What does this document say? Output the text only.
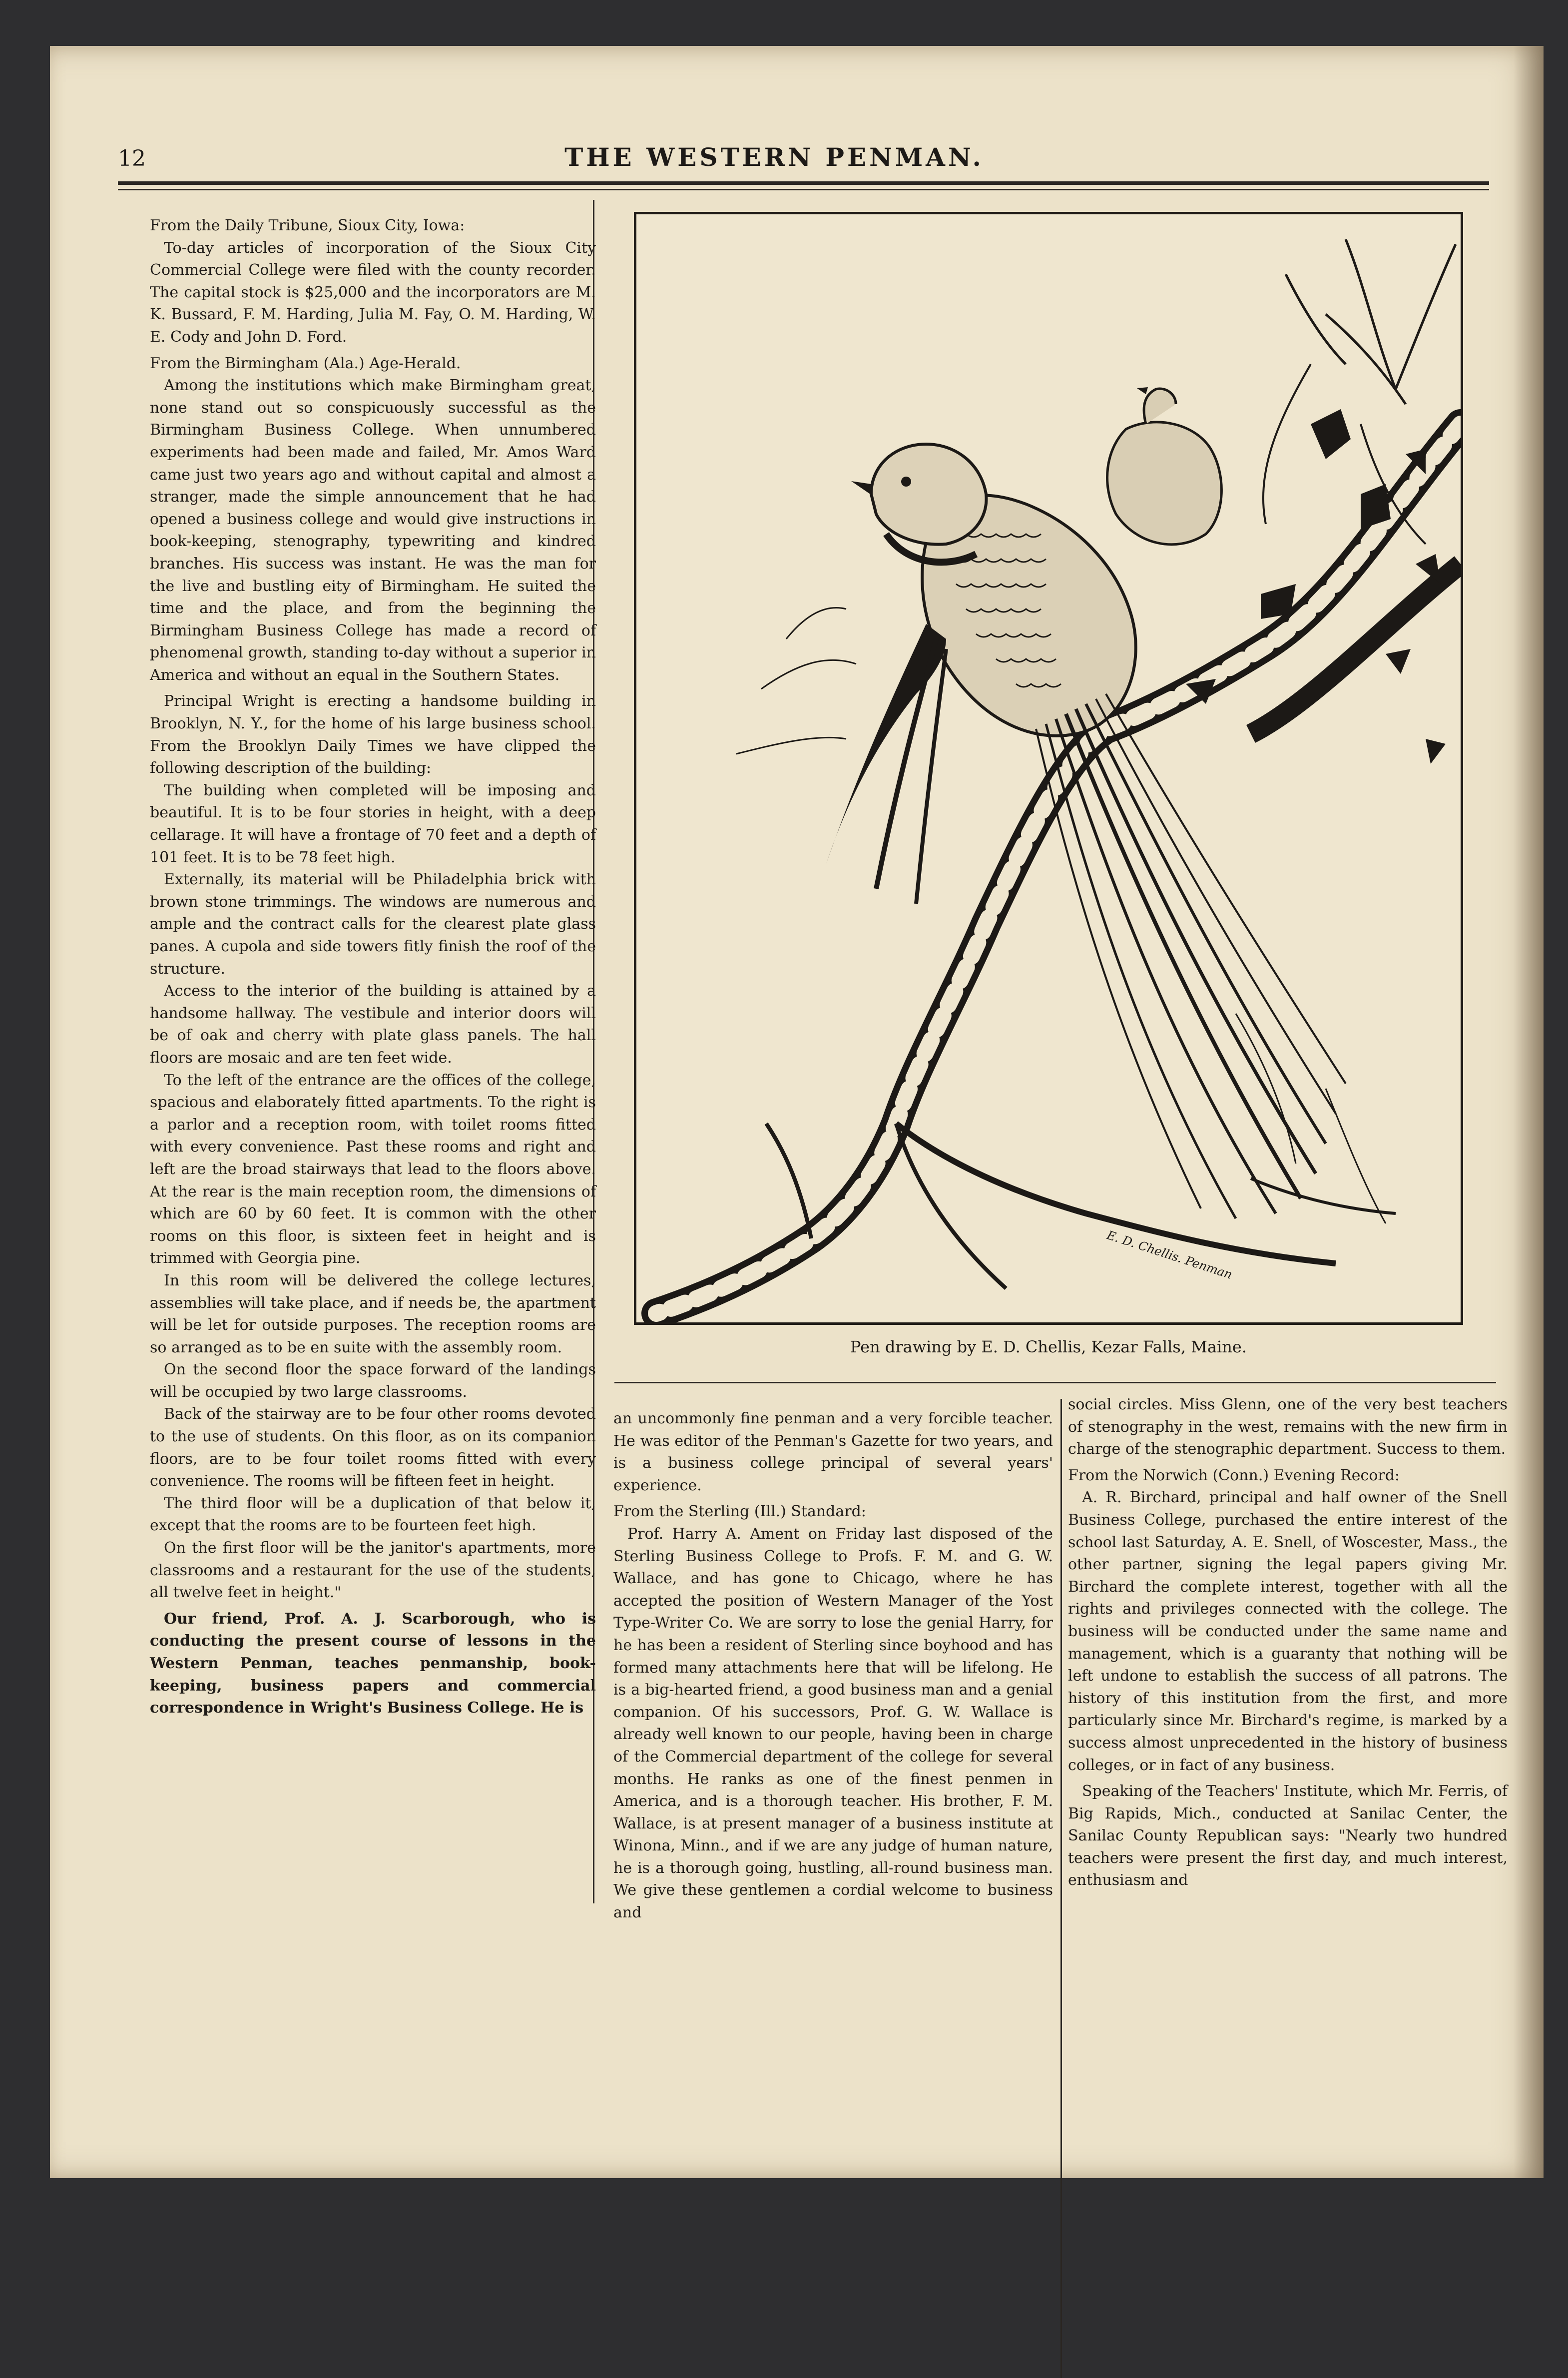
12	THE WESTERN PENMAN.

From the Daily Tribune, Sioux City, Iowa:

To-day articles of incorporation of the Sioux City Commercial College were filed with the county recorder. The capital stock is $25,000 and the incorporators are M. K. Bussard, F. M. Harding, Julia M. Fay, O. M. Harding, W. E. Cody and John D. Ford.

From the Birmingham (Ala.) Age-Herald.

Among the institutions which make Birmingham great, none stand out so conspicuously successful as the Birmingham Business College. When unnumbered experiments had been made and failed, Mr. Amos Ward came just two years ago and without capital and almost a stranger, made the simple announcement that he had opened a business college and would give instructions in book-keeping, stenography, typewriting and kindred branches. His success was instant. He was the man for the live and bustling eity of Birmingham. He suited the time and the place, and from the beginning the Birmingham Business College has made a record of phenomenal growth, standing to-day without a superior in America and without an equal in the Southern States.

Principal Wright is erecting a handsome building in Brooklyn, N. Y., for the home of his large business school. From the Brooklyn Daily Times we have clipped the following description of the building:

The building when completed will be imposing and beautiful. It is to be four stories in height, with a deep cellarage. It will have a frontage of 70 feet and a depth of 101 feet. It is to be 78 feet high.

Externally, its material will be Philadelphia brick with brown stone trimmings. The windows are numerous and ample and the contract calls for the clearest plate glass panes. A cupola and side towers fitly finish the roof of the structure.

Access to the interior of the building is attained by a handsome hallway. The vestibule and interior doors will be of oak and cherry with plate glass panels. The hall floors are mosaic and are ten feet wide.

To the left of the entrance are the offices of the college, spacious and elaborately fitted apartments. To the right is a parlor and a reception room, with toilet rooms fitted with every convenience. Past these rooms and right and left are the broad stairways that lead to the floors above. At the rear is the main reception room, the dimensions of which are 60 by 60 feet. It is common with the other rooms on this floor, is sixteen feet in height and is trimmed with Georgia pine.

In this room will be delivered the college lectures, assemblies will take place, and if needs be, the apartment will be let for outside purposes. The reception rooms are so arranged as to be en suite with the assembly room.

On the second floor the space forward of the landings will be occupied by two large classrooms.

Back of the stairway are to be four other rooms devoted to the use of students. On this floor, as on its companion floors, are to be four toilet rooms fitted with every convenience. The rooms will be fifteen feet in height.

The third floor will be a duplication of that below it, except that the rooms are to be fourteen feet high.

On the first floor will be the janitor's apartments, more classrooms and a restaurant for the use of the students, all twelve feet in height."

Our friend, Prof. A. J. Scarborough, who is conducting the present course of lessons in the Western Penman, teaches penmanship, book-keeping, business papers and commercial correspondence in Wright's Business College. He is

E. D. Chellis. Penman
Pen drawing by E. D. Chellis, Kezar Falls, Maine.

an uncommonly fine penman and a very forcible teacher. He was editor of the Penman's Gazette for two years, and is a business college principal of several years' experience.

From the Sterling (Ill.) Standard:

Prof. Harry A. Ament on Friday last disposed of the Sterling Business College to Profs. F. M. and G. W. Wallace, and has gone to Chicago, where he has accepted the position of Western Manager of the Yost Type-Writer Co. We are sorry to lose the genial Harry, for he has been a resident of Sterling since boyhood and has formed many attachments here that will be lifelong. He is a big-hearted friend, a good business man and a genial companion. Of his successors, Prof. G. W. Wallace is already well known to our people, having been in charge of the Commercial department of the college for several months. He ranks as one of the finest penmen in America, and is a thorough teacher. His brother, F. M. Wallace, is at present manager of a business institute at Winona, Minn., and if we are any judge of human nature, he is a thorough going, hustling, all-round business man. We give these gentlemen a cordial welcome to business and

social circles. Miss Glenn, one of the very best teachers of stenography in the west, remains with the new firm in charge of the stenographic department. Success to them.

From the Norwich (Conn.) Evening Record:

A. R. Birchard, principal and half owner of the Snell Business College, purchased the entire interest of the school last Saturday, A. E. Snell, of Woscester, Mass., the other partner, signing the legal papers giving Mr. Birchard the complete interest, together with all the rights and privileges connected with the college. The business will be conducted under the same name and management, which is a guaranty that nothing will be left undone to establish the success of all patrons. The history of this institution from the first, and more particularly since Mr. Birchard's regime, is marked by a success almost unprecedented in the history of business colleges, or in fact of any business.

Speaking of the Teachers' Institute, which Mr. Ferris, of Big Rapids, Mich., conducted at Sanilac Center, the Sanilac County Republican says: "Nearly two hundred teachers were present the first day, and much interest, enthusiasm and
